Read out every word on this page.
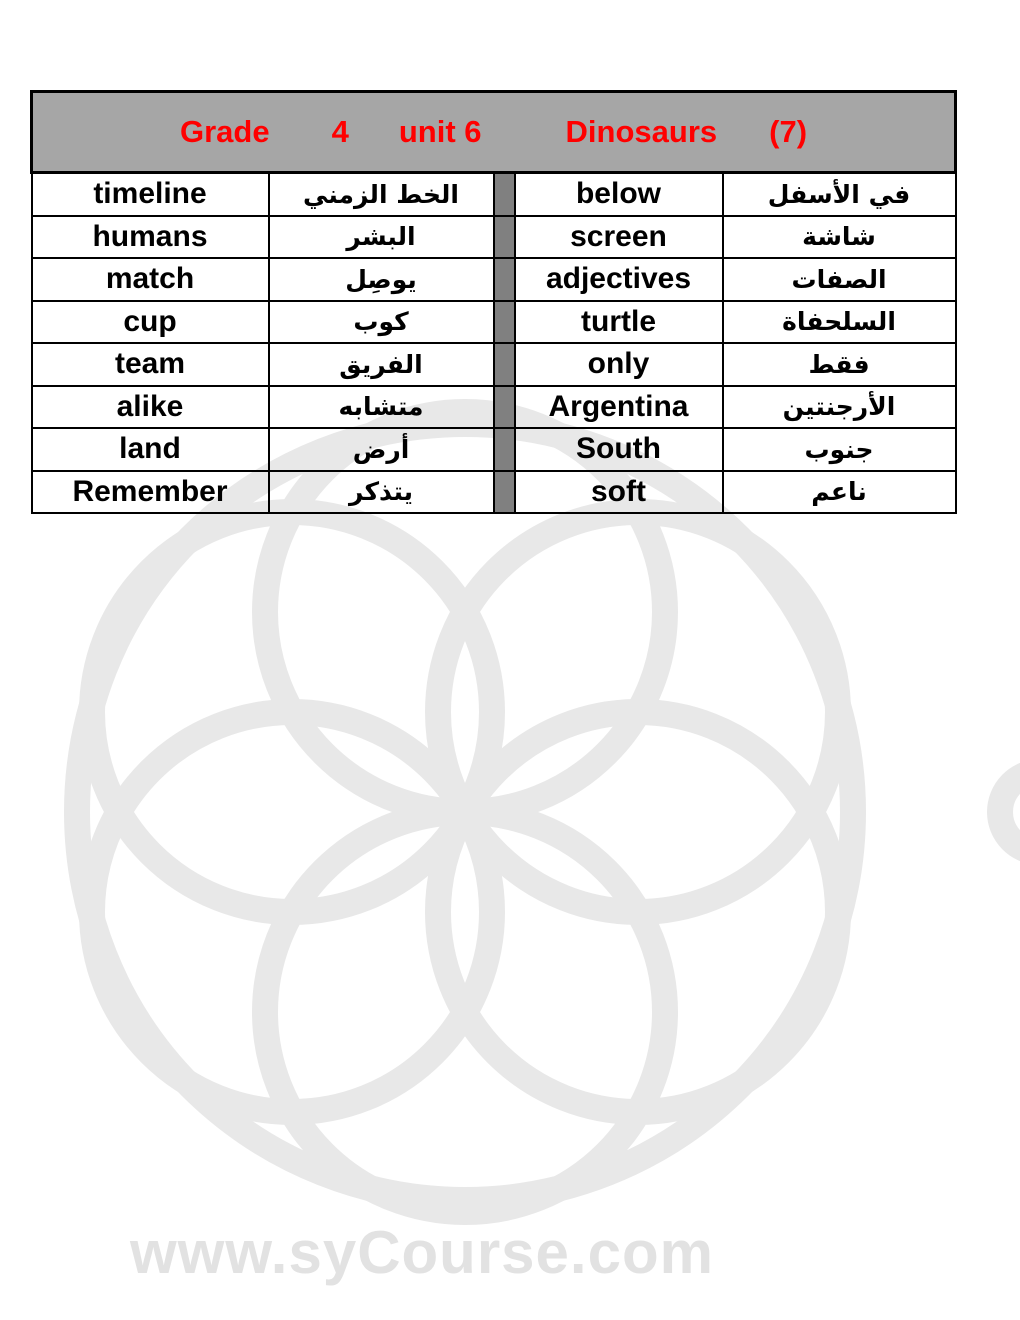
www.syCourse.com
Grade 4 unit 6 Dinosaurs (7)				

timeline	الخط الزمني		below	في الأسفل
humans	البشر		screen	شاشة
match	يوصِل		adjectives	الصفات
cup	كوب		turtle	السلحفاة
team	الفريق		only	فقط
alike	متشابه		Argentina	الأرجنتين
land	أرض		South	جنوب
Remember	يتذكر		soft	ناعم
